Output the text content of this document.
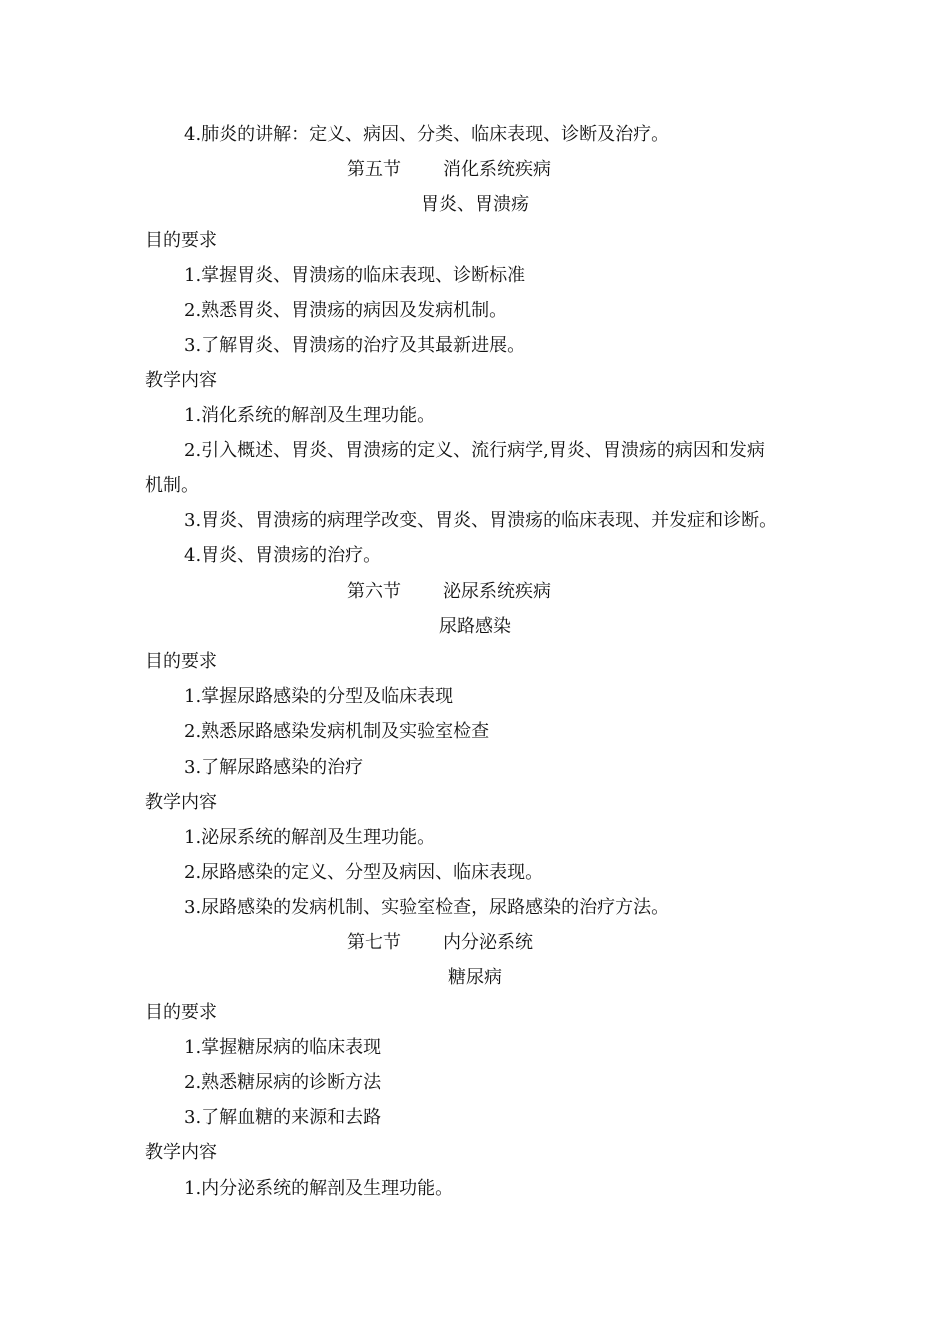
4.肺炎的讲解：定义、病因、分类、临床表现、诊断及治疗。
第五节 消化系统疾病
胃炎、胃溃疡
目的要求
1.掌握胃炎、胃溃疡的临床表现、诊断标准
2.熟悉胃炎、胃溃疡的病因及发病机制。
3.了解胃炎、胃溃疡的治疗及其最新进展。
教学内容
1.消化系统的解剖及生理功能。
2.引入概述、胃炎、胃溃疡的定义、流行病学,胃炎、胃溃疡的病因和发病
机制。
3.胃炎、胃溃疡的病理学改变、胃炎、胃溃疡的临床表现、并发症和诊断。
4.胃炎、胃溃疡的治疗。
第六节 泌尿系统疾病
尿路感染
目的要求
1.掌握尿路感染的分型及临床表现
2.熟悉尿路感染发病机制及实验室检查
3.了解尿路感染的治疗
教学内容
1.泌尿系统的解剖及生理功能。
2.尿路感染的定义、分型及病因、临床表现。
3.尿路感染的发病机制、实验室检查，尿路感染的治疗方法。
第七节 内分泌系统
糖尿病
目的要求
1.掌握糖尿病的临床表现
2.熟悉糖尿病的诊断方法
3.了解血糖的来源和去路
教学内容
1.内分泌系统的解剖及生理功能。
